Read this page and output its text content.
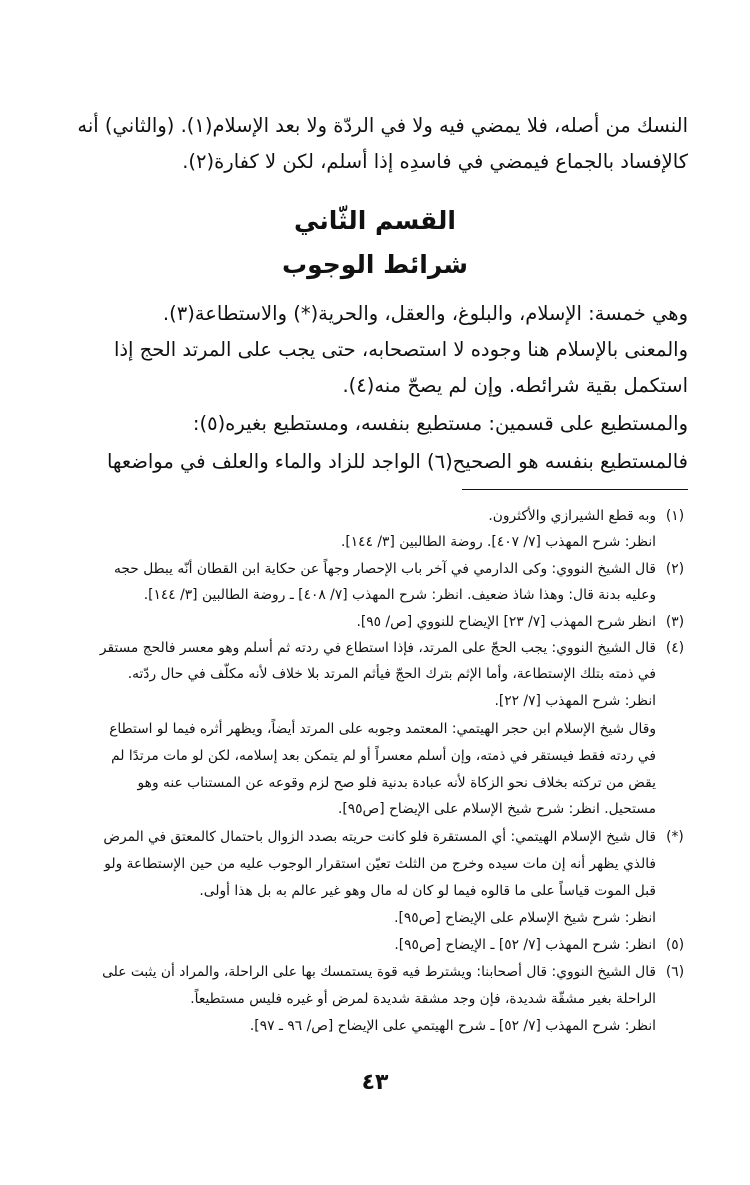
النسك من أصله، فلا يمضي فيه ولا في الردّة ولا بعد الإسلام(١). (والثاني) أنه
كالإفساد بالجماع فيمضي في فاسدِه إذا أسلم، لكن لا كفارة(٢).
القسم الثّاني
شرائط الوجوب
وهي خمسة: الإسلام، والبلوغ، والعقل، والحرية(*) والاستطاعة(٣).
والمعنى بالإسلام هنا وجوده لا استصحابه، حتى يجب على المرتد الحج إذا
استكمل بقية شرائطه. وإن لم يصحّ منه(٤).
والمستطيع على قسمين: مستطيع بنفسه، ومستطيع بغيره(٥):
فالمستطيع بنفسه هو الصحيح(٦) الواجد للزاد والماء والعلف في مواضعها
(١)
وبه قطع الشيرازي والأكثرون.
انظر: شرح المهذب [٧/ ٤٠٧]. روضة الطالبين [٣/ ١٤٤].
(٢)
قال الشيخ النووي: وكى الدارمي في آخر باب الإحصار وجهاً عن حكاية ابن القطان أنّه يبطل حجه
وعليه بدنة قال: وهذا شاذ ضعيف. انظر: شرح المهذب [٧/ ٤٠٨] ـ روضة الطالبين [٣/ ١٤٤].
(٣)
انظر شرح المهذب [٧/ ٢٣] الإيضاح للنووي [ص/ ٩٥].
(٤)
قال الشيخ النووي: يجب الحجّ على المرتد، فإذا استطاع في ردته ثم أسلم وهو معسر فالحج مستقر
في ذمته بتلك الإستطاعة، وأما الإثم بترك الحجّ فيأثم المرتد بلا خلاف لأنه مكلّف في حال ردّته.
انظر: شرح المهذب [٧/ ٢٢].
وقال شيخ الإسلام ابن حجر الهيتمي: المعتمد وجوبه على المرتد أيضاً، ويظهر أثره فيما لو استطاع
في ردته فقط فيستقر في ذمته، وإن أسلم معسراً أو لم يتمكن بعد إسلامه، لكن لو مات مرتدًا لم
يقض من تركته بخلاف نحو الزكاة لأنه عبادة بدنية فلو صح لزم وقوعه عن المستناب عنه وهو
مستحيل. انظر: شرح شيخ الإسلام على الإيضاح [ص٩٥].
(*)
قال شيخ الإسلام الهيتمي: أي المستقرة فلو كانت حريته بصدد الزوال باحتمال كالمعتق في المرض
فالذي يظهر أنه إن مات سيده وخرج من الثلث تعيّن استقرار الوجوب عليه من حين الإستطاعة ولو
قبل الموت قياساً على ما قالوه فيما لو كان له مال وهو غير عالم به بل هذا أولى.
انظر: شرح شيخ الإسلام على الإيضاح [ص٩٥].
(٥)
انظر: شرح المهذب [٧/ ٥٢] ـ الإيضاح [ص٩٥].
(٦)
قال الشيخ النووي: قال أصحابنا: ويشترط فيه قوة يستمسك بها على الراحلة، والمراد أن يثبت على
الراحلة بغير مشقّة شديدة، فإن وجد مشقة شديدة لمرض أو غيره فليس مستطيعاً.
انظر: شرح المهذب [٧/ ٥٢] ـ شرح الهيتمي على الإيضاح [ص/ ٩٦ ـ ٩٧].
٤٣
